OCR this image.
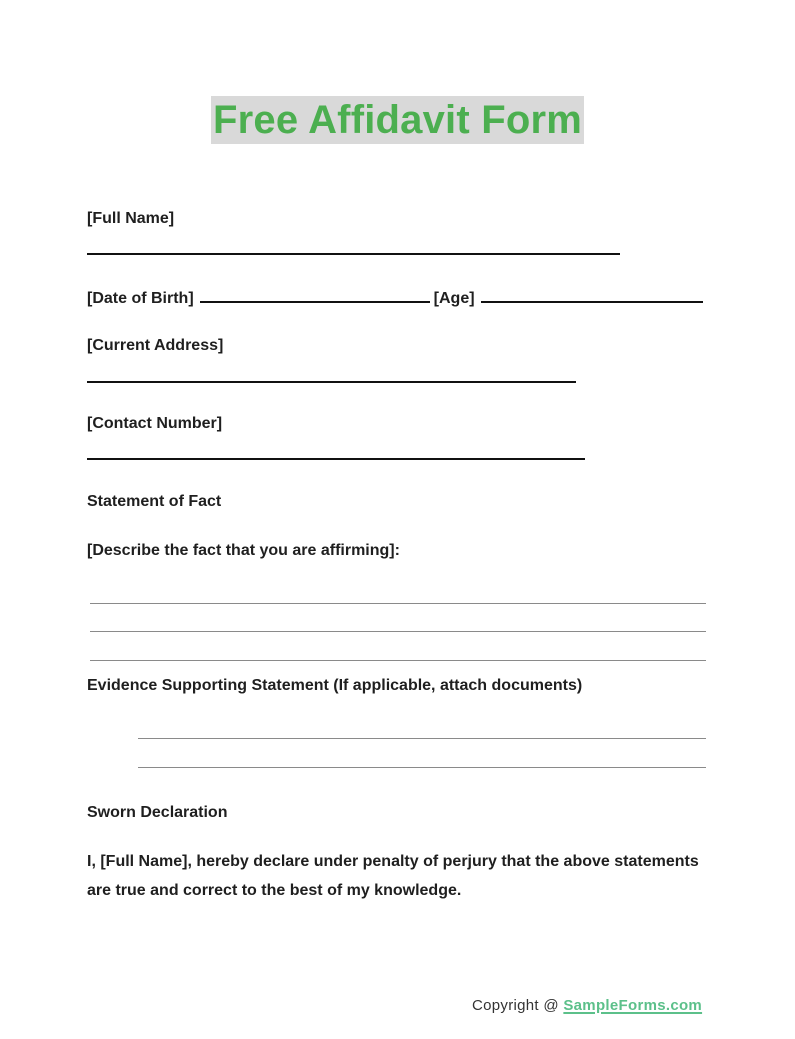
Free Affidavit Form
[Full Name]
[Date of Birth]	[Age]
[Current Address]
[Contact Number]
Statement of Fact
[Describe the fact that you are affirming]:
Evidence Supporting Statement (If applicable, attach documents)
Sworn Declaration
I, [Full Name], hereby declare under penalty of perjury that the above statements are true and correct to the best of my knowledge.
Copyright @ SampleForms.com
